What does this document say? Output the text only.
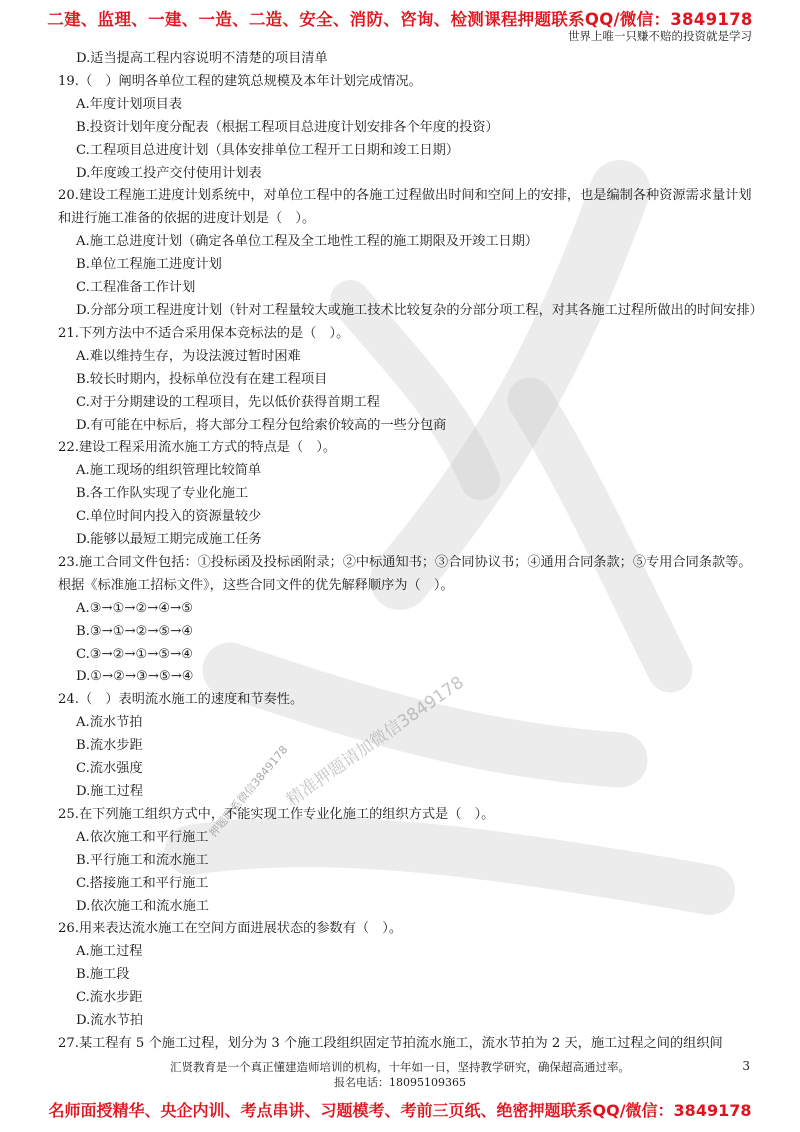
二建、监理、一建、一造、二造、安全、消防、咨询、检测课程押题联系QQ/微信：3849178
世界上唯一只赚不赔的投资就是学习
精准押题请加微信3849178
押题联系微信3849178

D.适当提高工程内容说明不清楚的项目清单

19.（　）阐明各单位工程的建筑总规模及本年计划完成情况。

A.年度计划项目表

B.投资计划年度分配表（根据工程项目总进度计划安排各个年度的投资）

C.工程项目总进度计划（具体安排单位工程开工日期和竣工日期）

D.年度竣工投产交付使用计划表

20.建设工程施工进度计划系统中，对单位工程中的各施工过程做出时间和空间上的安排，也是编制各种资源需求量计划和进行施工准备的依据的进度计划是（　）。

A.施工总进度计划（确定各单位工程及全工地性工程的施工期限及开竣工日期）

B.单位工程施工进度计划

C.工程准备工作计划

D.分部分项工程进度计划（针对工程量较大或施工技术比较复杂的分部分项工程，对其各施工过程所做出的时间安排）

21.下列方法中不适合采用保本竞标法的是（　）。

A.难以维持生存，为设法渡过暂时困难

B.较长时期内，投标单位没有在建工程项目

C.对于分期建设的工程项目，先以低价获得首期工程

D.有可能在中标后，将大部分工程分包给索价较高的一些分包商

22.建设工程采用流水施工方式的特点是（　）。

A.施工现场的组织管理比较简单

B.各工作队实现了专业化施工

C.单位时间内投入的资源量较少

D.能够以最短工期完成施工任务

23.施工合同文件包括：①投标函及投标函附录；②中标通知书；③合同协议书；④通用合同条款；⑤专用合同条款等。根据《标准施工招标文件》，这些合同文件的优先解释顺序为（　）。

A.③→①→②→④→⑤

B.③→①→②→⑤→④

C.③→②→①→⑤→④

D.①→②→③→⑤→④

24.（　）表明流水施工的速度和节奏性。

A.流水节拍

B.流水步距

C.流水强度

D.施工过程

25.在下列施工组织方式中，不能实现工作专业化施工的组织方式是（　）。

A.依次施工和平行施工

B.平行施工和流水施工

C.搭接施工和平行施工

D.依次施工和流水施工

26.用来表达流水施工在空间方面进展状态的参数有（　）。

A.施工过程

B.施工段

C.流水步距

D.流水节拍

27.某工程有 5 个施工过程，划分为 3 个施工段组织固定节拍流水施工，流水节拍为 2 天，施工过程之间的组织间

汇贤教育是一个真正懂建造师培训的机构，十年如一日，坚持教学研究，确保超高通过率。
报名电话：18095109365
3
名师面授精华、央企内训、考点串讲、习题模考、考前三页纸、绝密押题联系QQ/微信：3849178
